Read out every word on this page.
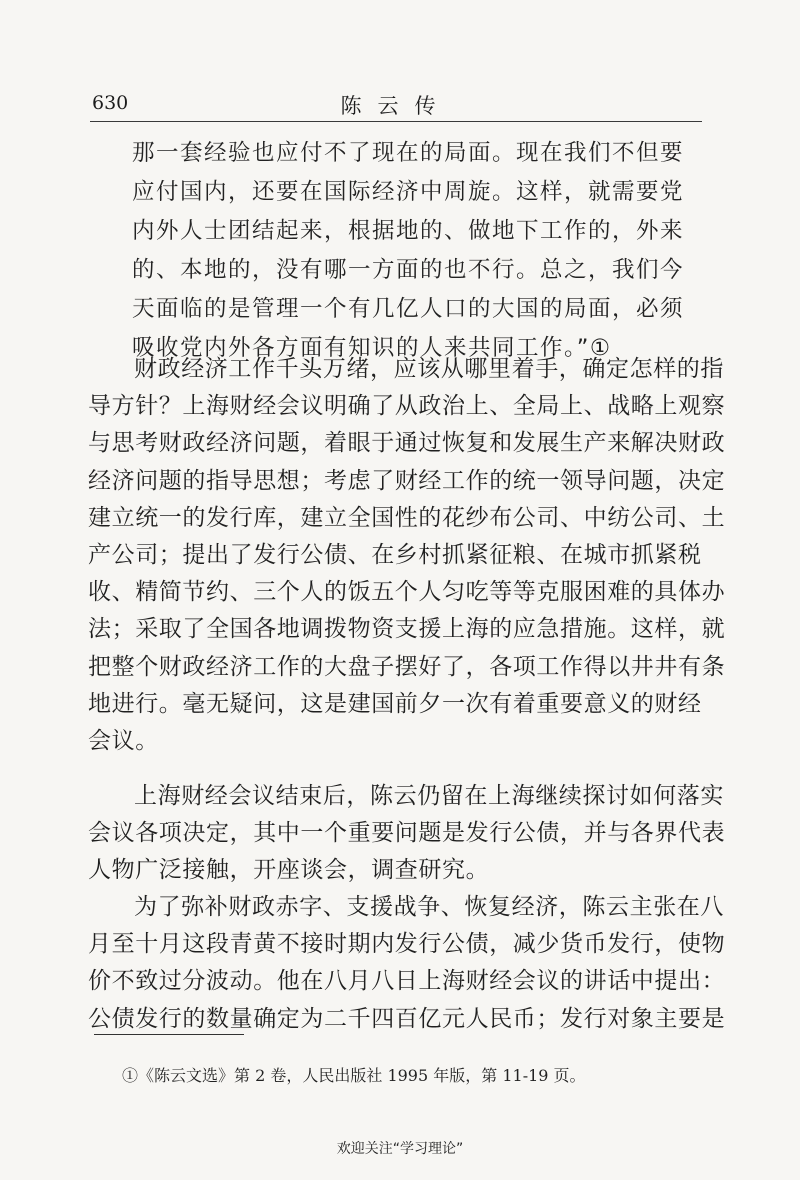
630	陈云传
那一套经验也应付不了现在的局面。现在我们不但要
应付国内，还要在国际经济中周旋。这样，就需要党
内外人士团结起来，根据地的、做地下工作的，外来
的、本地的，没有哪一方面的也不行。总之，我们今
天面临的是管理一个有几亿人口的大国的局面，必须
吸收党内外各方面有知识的人来共同工作。”①
财政经济工作千头万绪，应该从哪里着手，确定怎样的指
导方针？上海财经会议明确了从政治上、全局上、战略上观察
与思考财政经济问题，着眼于通过恢复和发展生产来解决财政
经济问题的指导思想；考虑了财经工作的统一领导问题，决定
建立统一的发行库，建立全国性的花纱布公司、中纺公司、土
产公司；提出了发行公债、在乡村抓紧征粮、在城市抓紧税
收、精简节约、三个人的饭五个人匀吃等等克服困难的具体办
法；采取了全国各地调拨物资支援上海的应急措施。这样，就
把整个财政经济工作的大盘子摆好了，各项工作得以井井有条
地进行。毫无疑问，这是建国前夕一次有着重要意义的财经
会议。
上海财经会议结束后，陈云仍留在上海继续探讨如何落实
会议各项决定，其中一个重要问题是发行公债，并与各界代表
人物广泛接触，开座谈会，调查研究。
为了弥补财政赤字、支援战争、恢复经济，陈云主张在八
月至十月这段青黄不接时期内发行公债，减少货币发行，使物
价不致过分波动。他在八月八日上海财经会议的讲话中提出：
公债发行的数量确定为二千四百亿元人民币；发行对象主要是
①《陈云文选》第 2 卷，人民出版社 1995 年版，第 11-19 页。
欢迎关注“学习理论”
